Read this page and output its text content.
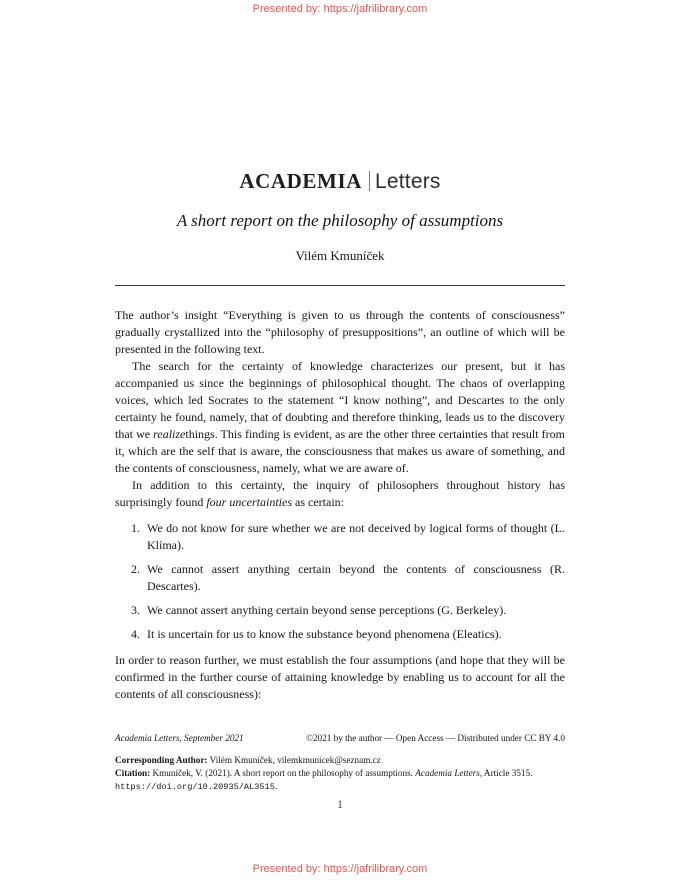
Presented by: https://jafrilibrary.com
ACADEMIA Letters
A short report on the philosophy of assumptions
Vilém Kmuníček

The author’s insight “Everything is given to us through the contents of consciousness” gradually crystallized into the “philosophy of presuppositions”, an outline of which will be presented in the following text.

The search for the certainty of knowledge characterizes our present, but it has accompanied us since the beginnings of philosophical thought. The chaos of overlapping voices, which led Socrates to the statement “I know nothing”, and Descartes to the only certainty he found, namely, that of doubting and therefore thinking, leads us to the discovery that we realizethings. This finding is evident, as are the other three certainties that result from it, which are the self that is aware, the consciousness that makes us aware of something, and the contents of consciousness, namely, what we are aware of.

In addition to this certainty, the inquiry of philosophers throughout history has surprisingly found four uncertainties as certain:

1. We do not know for sure whether we are not deceived by logical forms of thought (L. Klíma).
2. We cannot assert anything certain beyond the contents of consciousness (R. Descartes).
3. We cannot assert anything certain beyond sense perceptions (G. Berkeley).
4. It is uncertain for us to know the substance beyond phenomena (Eleatics).

In order to reason further, we must establish the four assumptions (and hope that they will be confirmed in the further course of attaining knowledge by enabling us to account for all the contents of all consciousness):

Academia Letters, September 2021	©2021 by the author — Open Access — Distributed under CC BY 4.0
Corresponding Author: Vilém Kmuníček, vilemkmunicek@seznam.cz
Citation: Kmuníček, V. (2021). A short report on the philosophy of assumptions. Academia Letters, Article 3515. https://doi.org/10.20935/AL3515.
1
Presented by: https://jafrilibrary.com
